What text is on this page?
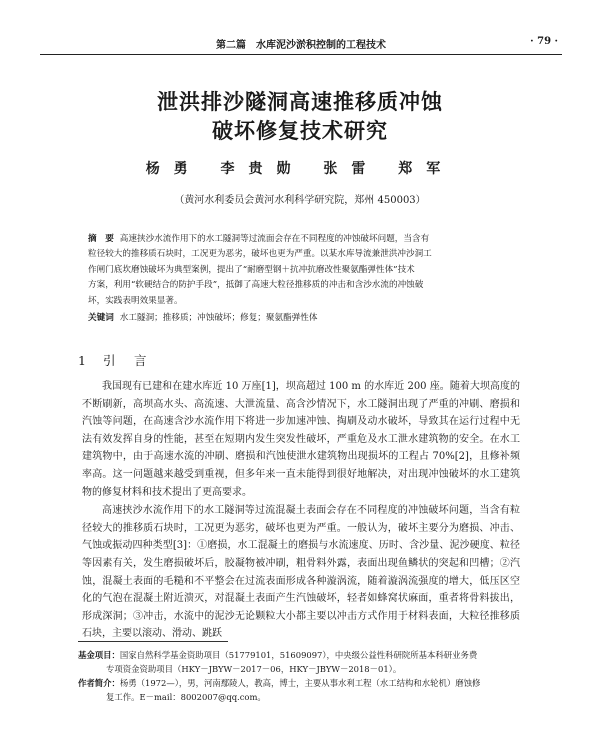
第二篇　水库泥沙淤积控制的工程技术	· 79 ·
泄洪排沙隧洞高速推移质冲蚀
破坏修复技术研究
杨勇 李贵勋 张雷 郑军
（黄河水利委员会黄河水利科学研究院，郑州 450003）
摘　要 高速挟沙水流作用下的水工隧洞等过流面会存在不同程度的冲蚀破坏问题，当含有
粒径较大的推移质石块时，工况更为恶劣，破坏也更为严重。以某水库导流兼泄洪冲沙洞工
作闸门底坎磨蚀破坏为典型案例，提出了“耐磨型钢＋抗冲抗磨改性聚氨酯弹性体”技术
方案，利用“软硬结合的防护手段”，抵御了高速大粒径推移质的冲击和含沙水流的冲蚀破
坏，实践表明效果显著。
关键词 水工隧洞；推移质；冲蚀破坏；修复；聚氨酯弹性体
1 引　言

我国现有已建和在建水库近 10 万座[1]，坝高超过 100 m 的水库近 200 座。随着大坝高度的不断刷新，高坝高水头、高流速、大泄流量、高含沙情况下，水工隧洞出现了严重的冲刷、磨损和汽蚀等问题，在高速含沙水流作用下将进一步加速冲蚀、掏刷及动水破坏，导致其在运行过程中无法有效发挥自身的性能，甚至在短期内发生突发性破坏，严重危及水工泄水建筑物的安全。在水工建筑物中，由于高速水流的冲刷、磨损和汽蚀使泄水建筑物出现损坏的工程占 70%[2]，且修补频率高。这一问题越来越受到重视，但多年来一直未能得到很好地解决，对出现冲蚀破坏的水工建筑物的修复材料和技术提出了更高要求。

高速挟沙水流作用下的水工隧洞等过流混凝土表面会存在不同程度的冲蚀破坏问题，当含有粒径较大的推移质石块时，工况更为恶劣，破坏也更为严重。一般认为，破坏主要分为磨损、冲击、气蚀或振动四种类型[3]：①磨损，水工混凝土的磨损与水流速度、历时、含沙量、泥沙硬度、粒径等因素有关，发生磨损破坏后，胶凝物被冲刷，粗骨料外露，表面出现鱼鳞状的突起和凹槽；②汽蚀，混凝土表面的毛糙和不平整会在过流表面形成各种漩涡流，随着漩涡流强度的增大，低压区空化的气泡在混凝土附近溃灭，对混凝土表面产生汽蚀破坏，轻者如蜂窝状麻面，重者将骨料拔出，形成深洞；③冲击，水流中的泥沙无论颗粒大小都主要以冲击方式作用于材料表面，大粒径推移质石块，主要以滚动、滑动、跳跃

基金项目：国家自然科学基金资助项目（51779101，51609097），中央级公益性科研院所基本科研业务费
专项资金资助项目（HKY－JBYW－2017－06，HKY－JBYW－2018－01）。
作者简介：杨勇（1972—），男，河南鄢陵人，教高，博士，主要从事水利工程（水工结构和水轮机）磨蚀修
复工作。E－mail：8002007@qq.com。
